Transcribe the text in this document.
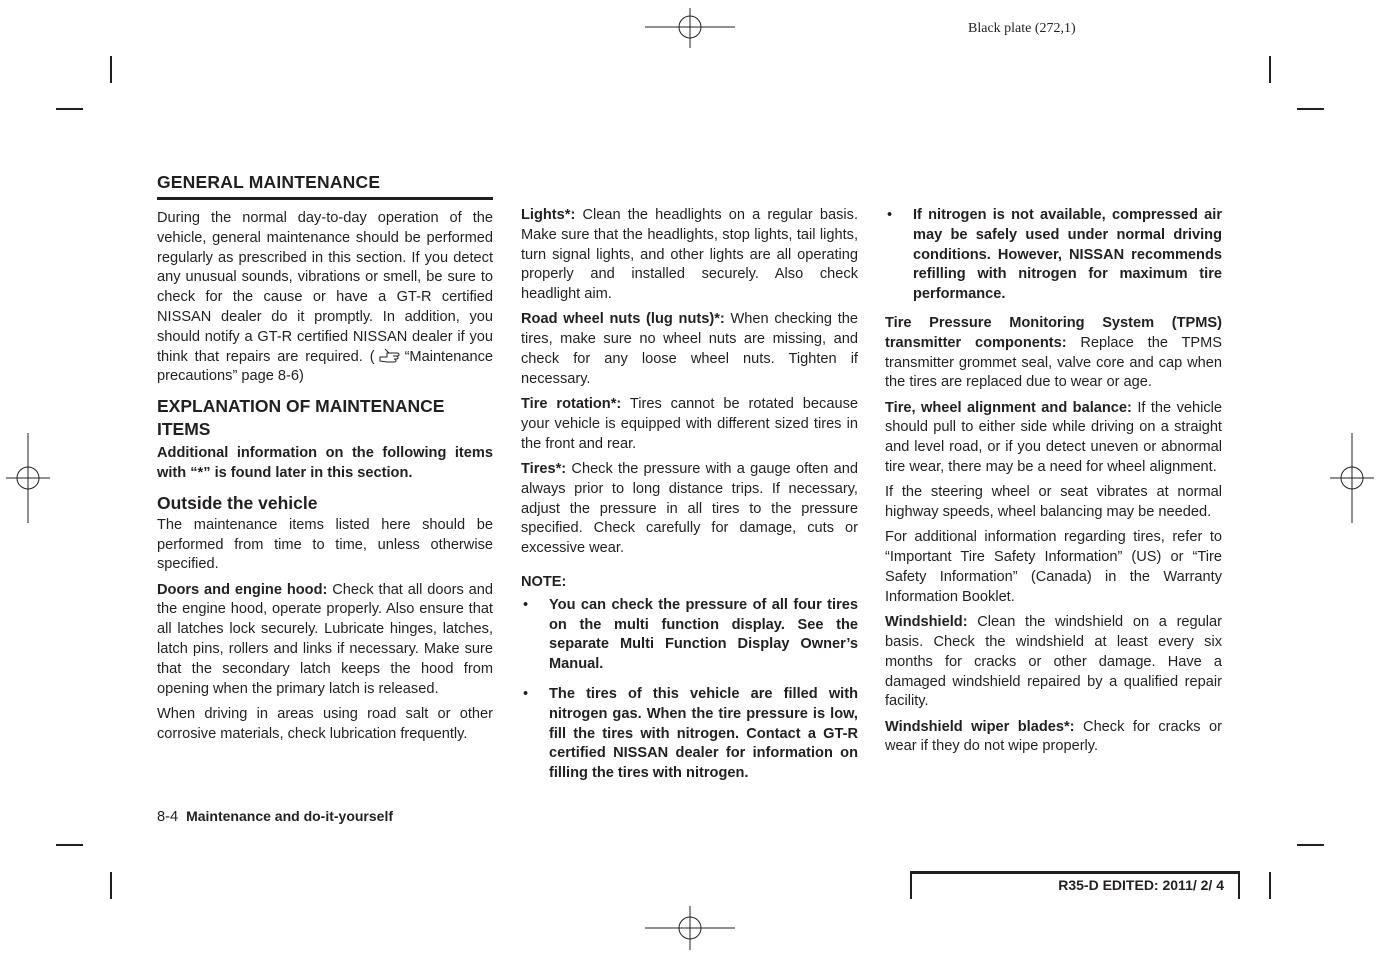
Black plate (272,1)
GENERAL MAINTENANCE

During the normal day-to-day operation of the vehicle, general maintenance should be performed regularly as prescribed in this section. If you detect any unusual sounds, vibrations or smell, be sure to check for the cause or have a GT-R certified NISSAN dealer do it promptly. In addition, you should notify a GT-R certified NISSAN dealer if you think that repairs are required. ( “Maintenance precautions” page 8-6)

EXPLANATION OF MAINTENANCE ITEMS

Additional information on the following items with “*” is found later in this section.

Outside the vehicle

The maintenance items listed here should be performed from time to time, unless otherwise specified.

Doors and engine hood: Check that all doors and the engine hood, operate properly. Also ensure that all latches lock securely. Lubricate hinges, latches, latch pins, rollers and links if necessary. Make sure that the secondary latch keeps the hood from opening when the primary latch is released.

When driving in areas using road salt or other corrosive materials, check lubrication frequently.

Lights*: Clean the headlights on a regular basis. Make sure that the headlights, stop lights, tail lights, turn signal lights, and other lights are all operating properly and installed securely. Also check headlight aim.

Road wheel nuts (lug nuts)*: When checking the tires, make sure no wheel nuts are missing, and check for any loose wheel nuts. Tighten if necessary.

Tire rotation*: Tires cannot be rotated because your vehicle is equipped with different sized tires in the front and rear.

Tires*: Check the pressure with a gauge often and always prior to long distance trips. If necessary, adjust the pressure in all tires to the pressure specified. Check carefully for damage, cuts or excessive wear.

NOTE:
• You can check the pressure of all four tires on the multi function display. See the separate Multi Function Display Owner’s Manual.
• The tires of this vehicle are filled with nitrogen gas. When the tire pressure is low, fill the tires with nitrogen. Contact a GT-R certified NISSAN dealer for information on filling the tires with nitrogen.
• If nitrogen is not available, compressed air may be safely used under normal driving conditions. However, NISSAN recommends refilling with nitrogen for maximum tire performance.

Tire Pressure Monitoring System (TPMS) transmitter components: Replace the TPMS transmitter grommet seal, valve core and cap when the tires are replaced due to wear or age.

Tire, wheel alignment and balance: If the vehicle should pull to either side while driving on a straight and level road, or if you detect uneven or abnormal tire wear, there may be a need for wheel alignment.

If the steering wheel or seat vibrates at normal highway speeds, wheel balancing may be needed.

For additional information regarding tires, refer to “Important Tire Safety Information” (US) or “Tire Safety Information” (Canada) in the Warranty Information Booklet.

Windshield: Clean the windshield on a regular basis. Check the windshield at least every six months for cracks or other damage. Have a damaged windshield repaired by a qualified repair facility.

Windshield wiper blades*: Check for cracks or wear if they do not wipe properly.

8-4 Maintenance and do-it-yourself
R35-D EDITED: 2011/ 2/ 4
